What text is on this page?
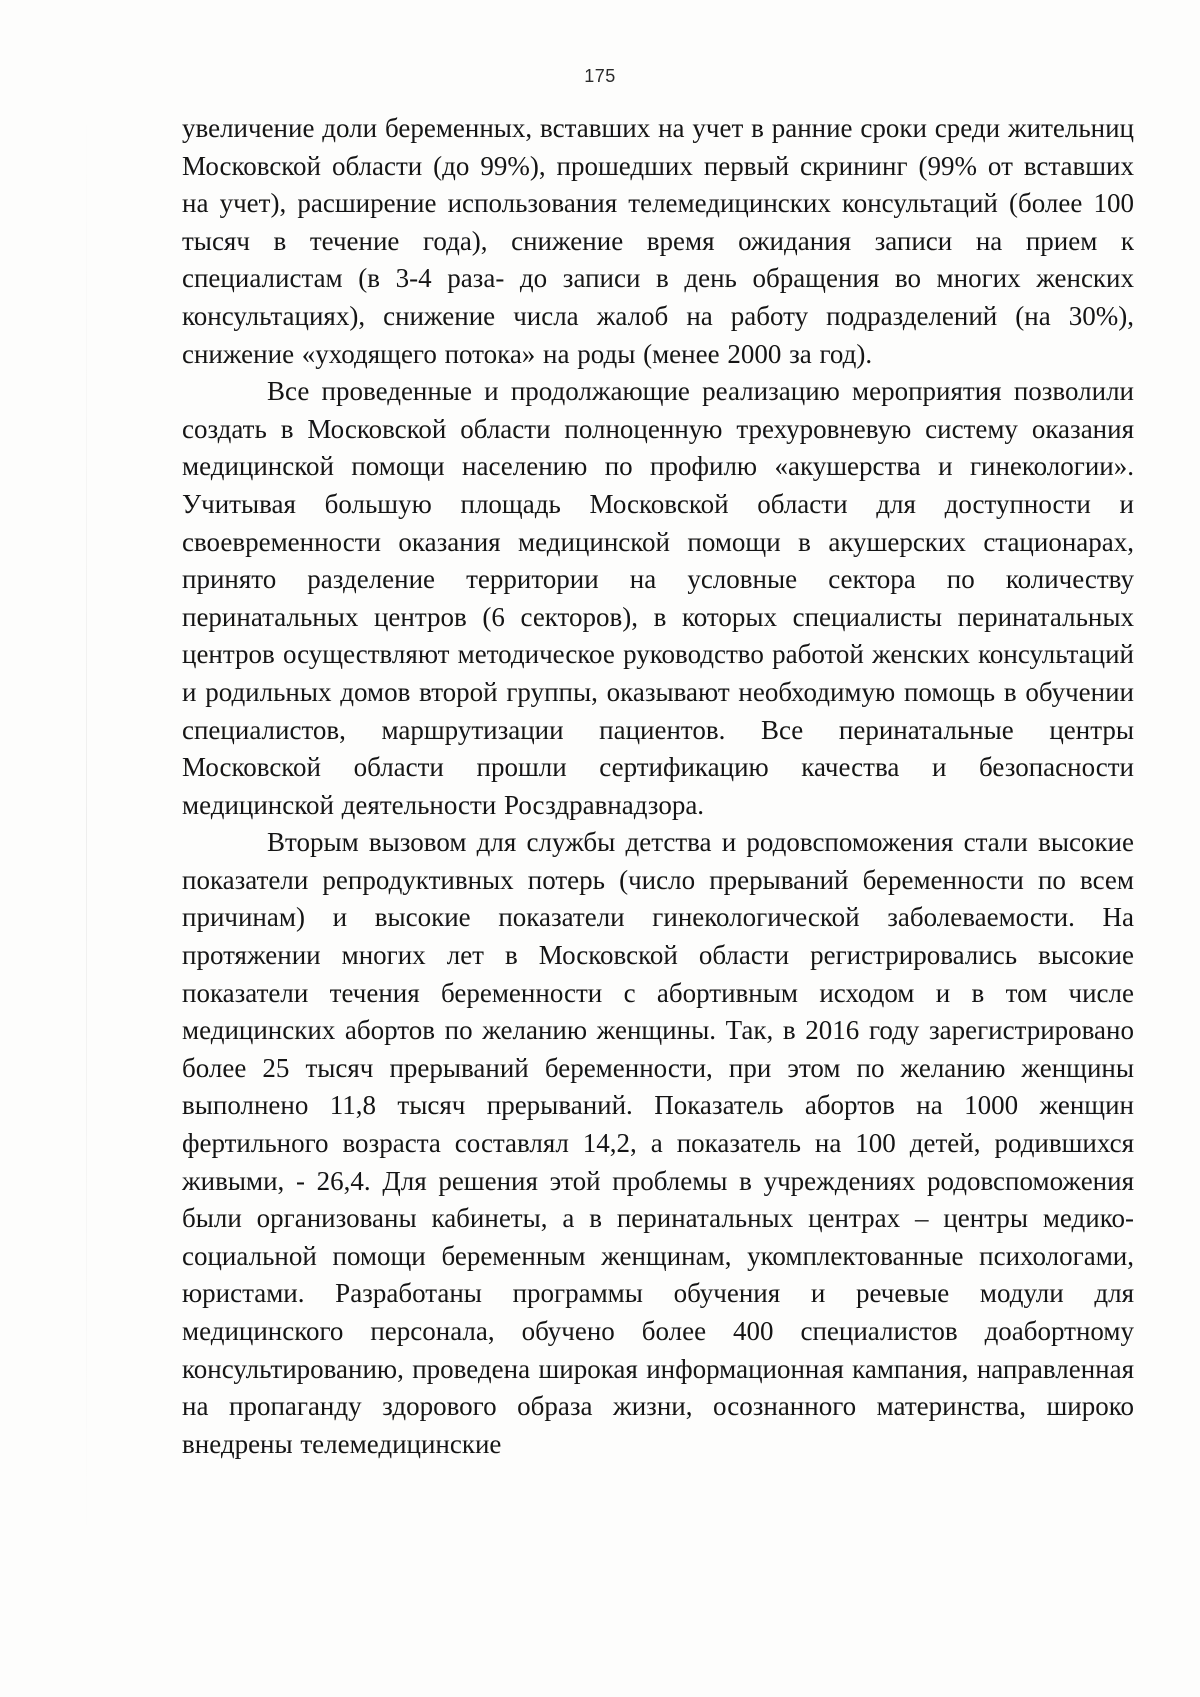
175

увеличение доли беременных, вставших на учет в ранние сроки среди жительниц Московской области (до 99%), прошедших первый скрининг (99% от вставших на учет), расширение использования телемедицинских консультаций (более 100 тысяч в течение года), снижение время ожидания записи на прием к специалистам (в 3-4 раза- до записи в день обращения во многих женских консультациях), снижение числа жалоб на работу подразделений (на 30%), снижение «уходящего потока» на роды (менее 2000 за год).

Все проведенные и продолжающие реализацию мероприятия позволили создать в Московской области полноценную трехуровневую систему оказания медицинской помощи населению по профилю «акушерства и гинекологии». Учитывая большую площадь Московской области для доступности и своевременности оказания медицинской помощи в акушерских стационарах, принято разделение территории на условные сектора по количеству перинатальных центров (6 секторов), в которых специалисты перинатальных центров осуществляют методическое руководство работой женских консультаций и родильных домов второй группы, оказывают необходимую помощь в обучении специалистов, маршрутизации пациентов. Все перинатальные центры Московской области прошли сертификацию качества и безопасности медицинской деятельности Росздравнадзора.

Вторым вызовом для службы детства и родовспоможения стали высокие показатели репродуктивных потерь (число прерываний беременности по всем причинам) и высокие показатели гинекологической заболеваемости. На протяжении многих лет в Московской области регистрировались высокие показатели течения беременности с абортивным исходом и в том числе медицинских абортов по желанию женщины. Так, в 2016 году зарегистрировано более 25 тысяч прерываний беременности, при этом по желанию женщины выполнено 11,8 тысяч прерываний. Показатель абортов на 1000 женщин фертильного возраста составлял 14,2, а показатель на 100 детей, родившихся живыми, - 26,4. Для решения этой проблемы в учреждениях родовспоможения были организованы кабинеты, а в перинатальных центрах – центры медико-социальной помощи беременным женщинам, укомплектованные психологами, юристами. Разработаны программы обучения и речевые модули для медицинского персонала, обучено более 400 специалистов доабортному консультированию, проведена широкая информационная кампания, направленная на пропаганду здорового образа жизни, осознанного материнства, широко внедрены телемедицинские
